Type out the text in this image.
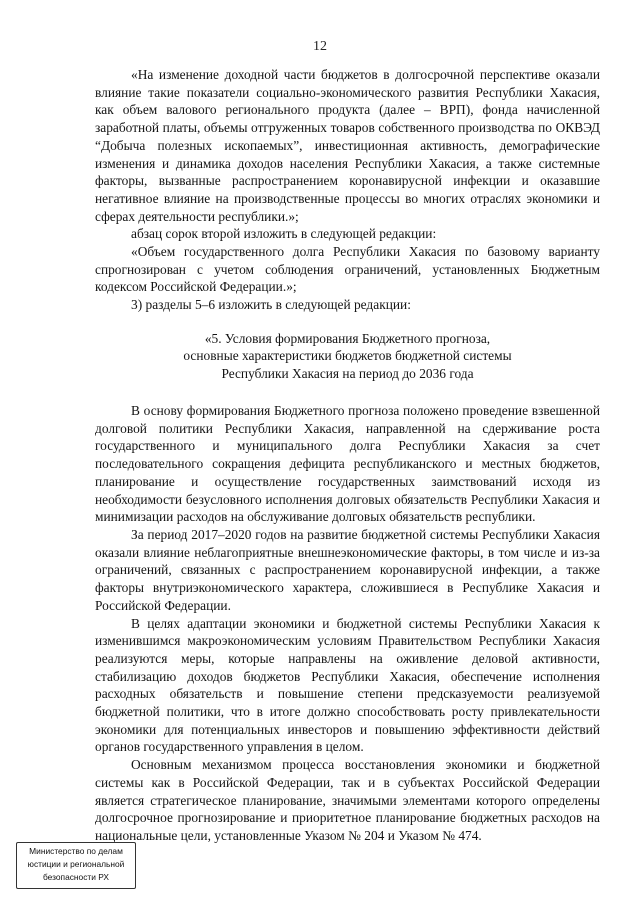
12

«На изменение доходной части бюджетов в долгосрочной перспективе оказали влияние такие показатели социально-экономического развития Республики Хакасия, как объем валового регионального продукта (далее – ВРП), фонда начисленной заработной платы, объемы отгруженных товаров собственного производства по ОКВЭД “Добыча полезных ископаемых”, инвестиционная активность, демографические изменения и динамика доходов населения Республики Хакасия, а также системные факторы, вызванные распространением коронавирусной инфекции и оказавшие негативное влияние на производственные процессы во многих отраслях экономики и сферах деятельности республики.»;

абзац сорок второй изложить в следующей редакции:

«Объем государственного долга Республики Хакасия по базовому варианту спрогнозирован с учетом соблюдения ограничений, установленных Бюджетным кодексом Российской Федерации.»;

3) разделы 5–6 изложить в следующей редакции:

«5. Условия формирования Бюджетного прогноза,
основные характеристики бюджетов бюджетной системы
Республики Хакасия на период до 2036 года

В основу формирования Бюджетного прогноза положено проведение взвешенной долговой политики Республики Хакасия, направленной на сдерживание роста государственного и муниципального долга Республики Хакасия за счет последовательного сокращения дефицита республиканского и местных бюджетов, планирование и осуществление государственных заимствований исходя из необходимости безусловного исполнения долговых обязательств Республики Хакасия и минимизации расходов на обслуживание долговых обязательств республики.

За период 2017–2020 годов на развитие бюджетной системы Республики Хакасия оказали влияние неблагоприятные внешнеэкономические факторы, в том числе и из-за ограничений, связанных с распространением коронавирусной инфекции, а также факторы внутриэкономического характера, сложившиеся в Республике Хакасия и Российской Федерации.

В целях адаптации экономики и бюджетной системы Республики Хакасия к изменившимся макроэкономическим условиям Правительством Республики Хакасия реализуются меры, которые направлены на оживление деловой активности, стабилизацию доходов бюджетов Республики Хакасия, обеспечение исполнения расходных обязательств и повышение степени предсказуемости реализуемой бюджетной политики, что в итоге должно способствовать росту привлекательности экономики для потенциальных инвесторов и повышению эффективности действий органов государственного управления в целом.

Основным механизмом процесса восстановления экономики и бюджетной системы как в Российской Федерации, так и в субъектах Российской Федерации является стратегическое планирование, значимыми элементами которого определены долгосрочное прогнозирование и приоритетное планирование бюджетных расходов на национальные цели, установленные Указом № 204 и Указом № 474.

Министерство по делам
юстиции и региональной
безопасности РХ
